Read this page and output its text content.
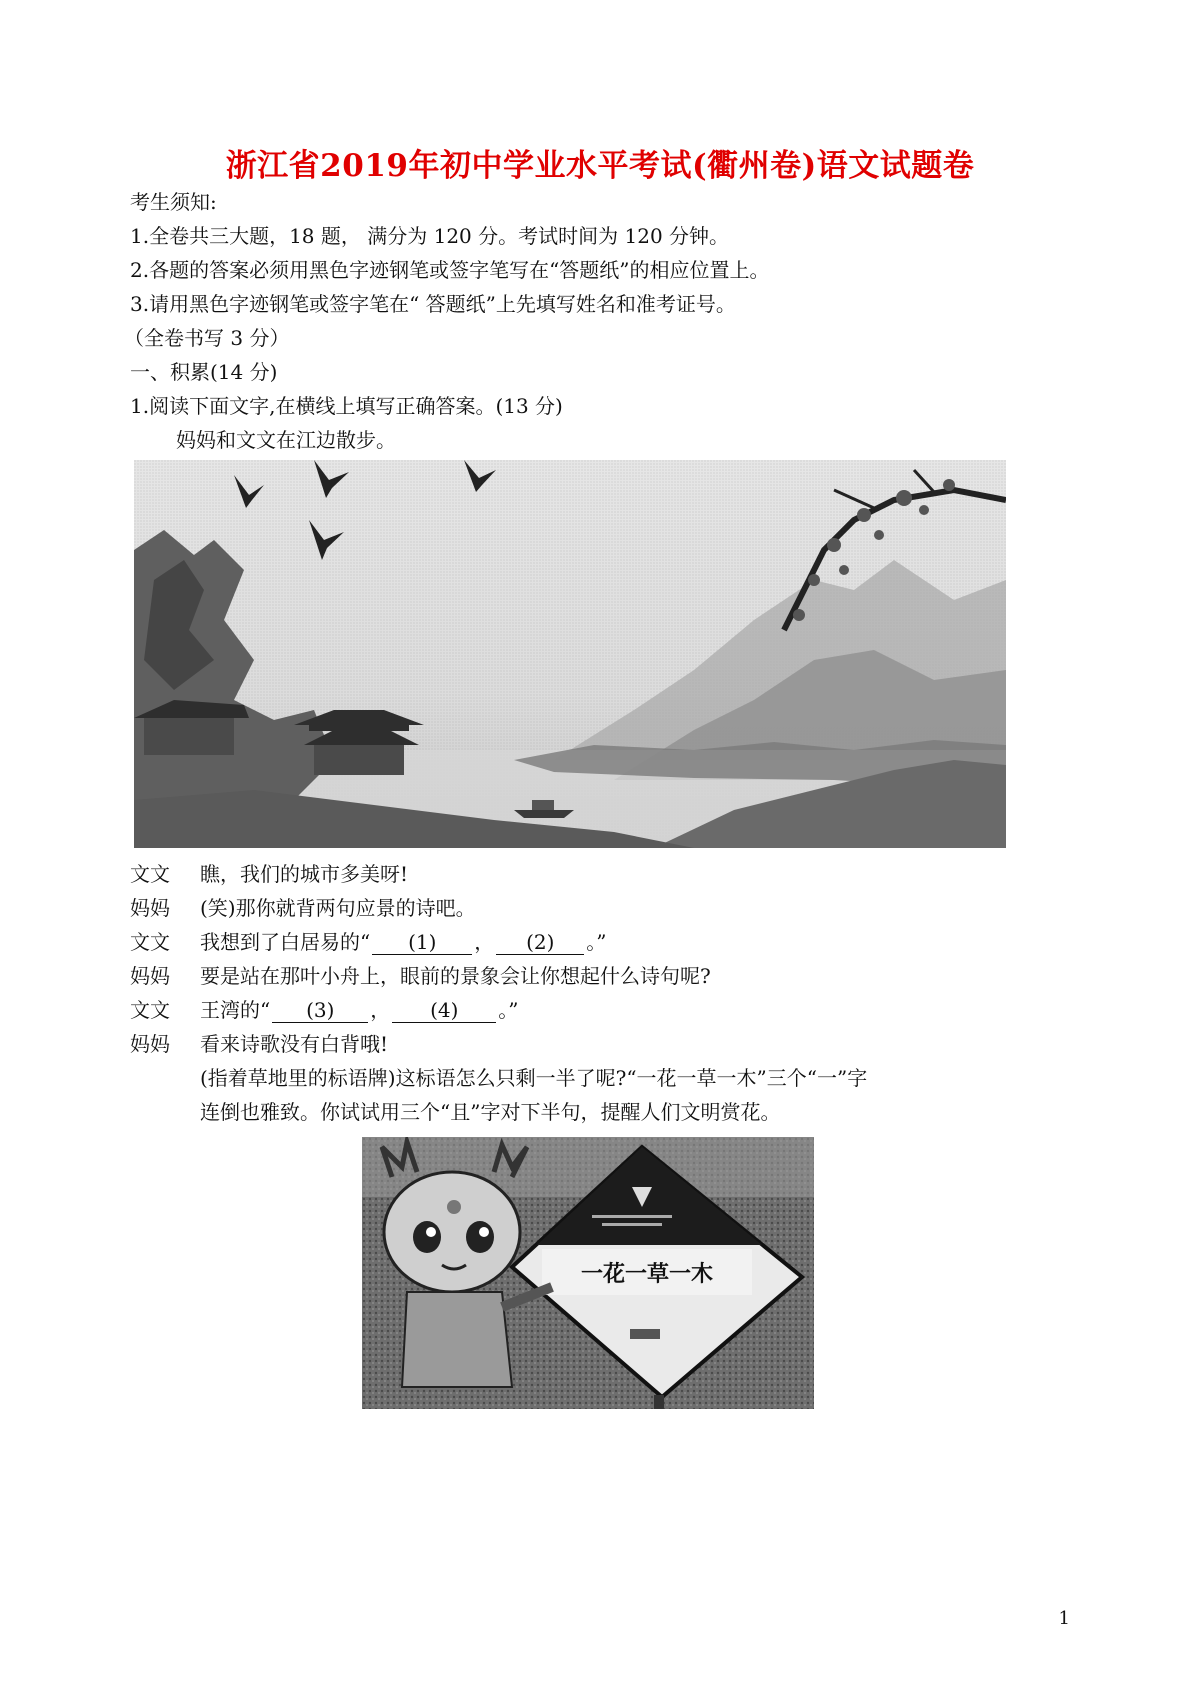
浙江省2019年初中学业水平考试(衢州卷)语文试题卷
考生须知:
1.全卷共三大题，18 题， 满分为 120 分。考试时间为 120 分钟。
2.各题的答案必须用黑色字迹钢笔或签字笔写在“答题纸”的相应位置上。
3.请用黑色字迹钢笔或签字笔在“ 答题纸”上先填写姓名和准考证号。
（全卷书写 3 分）
一、积累(14 分)
1.阅读下面文字,在横线上填写正确答案。(13 分)
妈妈和文文在江边散步。
文文 瞧，我们的城市多美呀!
妈妈 (笑)那你就背两句应景的诗吧。
文文 我想到了白居易的“ (1) ， (2) 。”
妈妈 要是站在那叶小舟上，眼前的景象会让你想起什么诗句呢?
文文 王湾的“ (3) ， (4) 。”
妈妈 看来诗歌没有白背哦!
(指着草地里的标语牌)这标语怎么只剩一半了呢?“一花一草一木”三个“一”字
连倒也雅致。你试试用三个“且”字对下半句，提醒人们文明赏花。
一花一草一木
1
